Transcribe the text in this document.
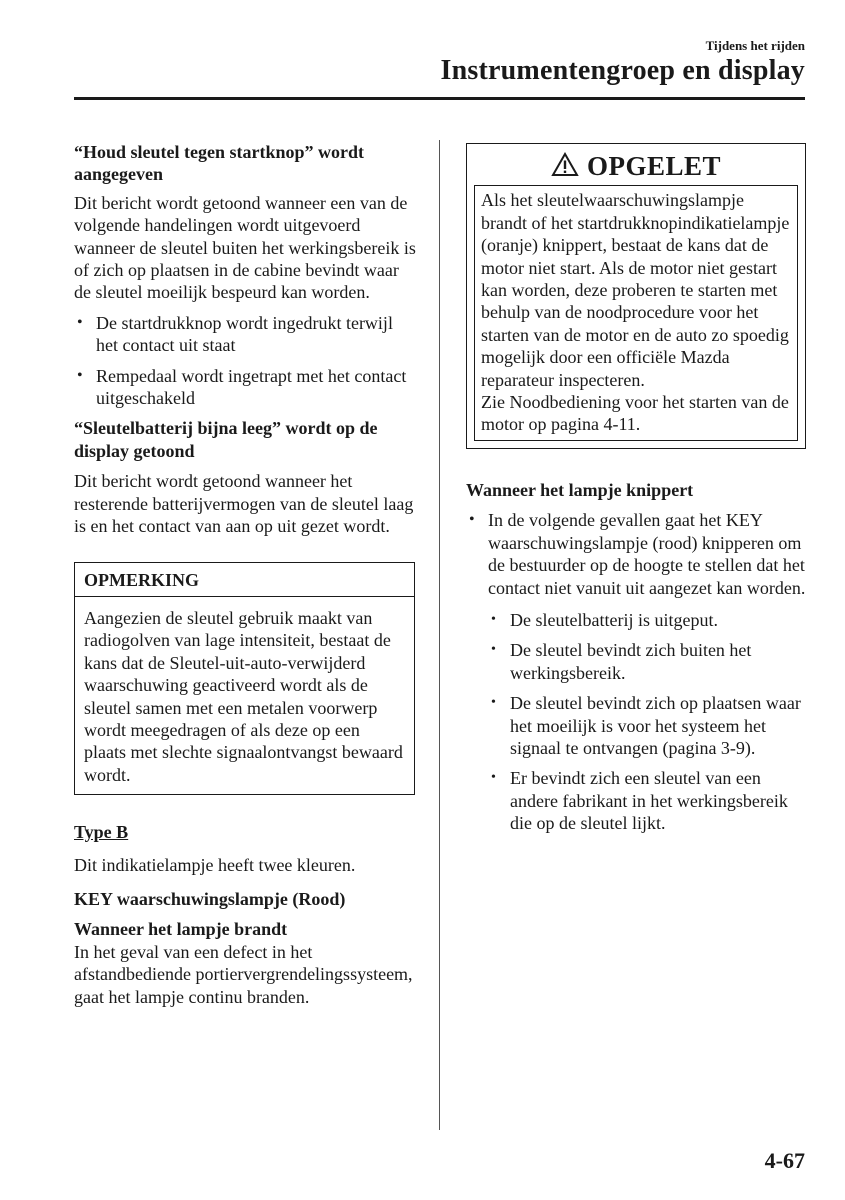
Tijdens het rijden
Instrumentengroep en display

“Houd sleutel tegen startknop” wordt aangegeven

Dit bericht wordt getoond wanneer een van de volgende handelingen wordt uitgevoerd wanneer de sleutel buiten het werkingsbereik is of zich op plaatsen in de cabine bevindt waar de sleutel moeilijk bespeurd kan worden.

• De startdrukknop wordt ingedrukt terwijl het contact uit staat
• Rempedaal wordt ingetrapt met het contact uitgeschakeld

“Sleutelbatterij bijna leeg” wordt op de display getoond

Dit bericht wordt getoond wanneer het resterende batterijvermogen van de sleutel laag is en het contact van aan op uit gezet wordt.

OPMERKING
Aangezien de sleutel gebruik maakt van radiogolven van lage intensiteit, bestaat de kans dat de Sleutel-uit-auto-verwijderd waarschuwing geactiveerd wordt als de sleutel samen met een metalen voorwerp wordt meegedragen of als deze op een plaats met slechte signaalontvangst bewaard wordt.

Type B

Dit indikatielampje heeft twee kleuren.

KEY waarschuwingslampje (Rood)

Wanneer het lampje brandt

In het geval van een defect in het afstandbediende portiervergrendelingssysteem, gaat het lampje continu branden.

OPGELET
Als het sleutelwaarschuwingslampje brandt of het startdrukknopindikatielampje (oranje) knippert, bestaat de kans dat de motor niet start. Als de motor niet gestart kan worden, deze proberen te starten met behulp van de noodprocedure voor het starten van de motor en de auto zo spoedig mogelijk door een officiële Mazda reparateur inspecteren.
Zie Noodbediening voor het starten van de motor op pagina 4-11.

Wanneer het lampje knippert

• In de volgende gevallen gaat het KEY waarschuwingslampje (rood) knipperen om de bestuurder op de hoogte te stellen dat het contact niet vanuit uit aangezet kan worden.
• De sleutelbatterij is uitgeput.
• De sleutel bevindt zich buiten het werkingsbereik.
• De sleutel bevindt zich op plaatsen waar het moeilijk is voor het systeem het signaal te ontvangen (pagina 3-9).
• Er bevindt zich een sleutel van een andere fabrikant in het werkingsbereik die op de sleutel lijkt.
4-67
